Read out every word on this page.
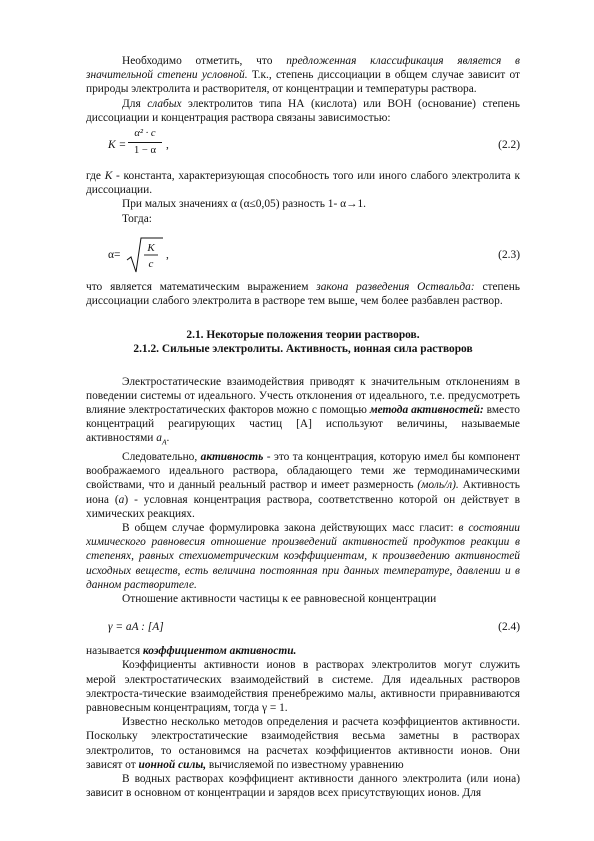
Необходимо отметить, что предложенная классификация является в значительной степени условной. Т.к., степень диссоциации в общем случае зависит от природы электролита и растворителя, от концентрации и температуры раствора.

Для слабых электролитов типа НА (кислота) или ВОН (основание) степень диссоциации и концентрация раствора связаны зависимостью:

$K = \frac{\text{α² · c}}{1 - \alpha}$ ,	(2.2)

где K - константа, характеризующая способность того или иного слабого электролита к диссоциации.

При малых значениях α (α≤0,05) разность 1- α→1.

Тогда:

α=
K
c
,	(2.3)

что является математическим выражением закона разведения Оствальда: степень диссоциации слабого электролита в растворе тем выше, чем более разбавлен раствор.

2.1. Некоторые положения теории растворов.
2.1.2. Сильные электролиты. Активность, ионная сила растворов

Электростатические взаимодействия приводят к значительным отклонениям в поведении системы от идеального. Учесть отклонения от идеального, т.е. предусмотреть влияние электростатических факторов можно с помощью метода активностей: вместо концентраций реагирующих частиц [A] используют величины, называемые активностями $а_A$.

Следовательно, активность - это та концентрация, которую имел бы компонент воображаемого идеального раствора, обладающего теми же термодинамическими свойствами, что и данный реальный раствор и имеет размерность (моль/л). Активность иона (а) - условная концентрация раствора, соответственно которой он действует в химических реакциях.

В общем случае формулировка закона действующих масс гласит: в состоянии химического равновесия отношение произведений активностей продуктов реакции в степенях, равных стехиометрическим коэффициентам, к произведению активностей исходных веществ, есть величина постоянная при данных температуре, давлении и в данном растворителе.

Отношение активности частицы к ее равновесной концентрации

γ = aA : [A]	(2.4)

называется коэффициентом активности.

Коэффициенты активности ионов в растворах электролитов могут служить мерой электростатических взаимодействий в системе. Для идеальных растворов электроста-тические взаимодействия пренебрежимо малы, активности приравниваются равновесным концентрациям, тогда γ = 1.

Известно несколько методов определения и расчета коэффициентов активности. Поскольку электростатические взаимодействия весьма заметны в растворах электролитов, то остановимся на расчетах коэффициентов активности ионов. Они зависят от ионной силы, вычисляемой по известному уравнению

В водных растворах коэффициент активности данного электролита (или иона) зависит в основном от концентрации и зарядов всех присутствующих ионов. Для
